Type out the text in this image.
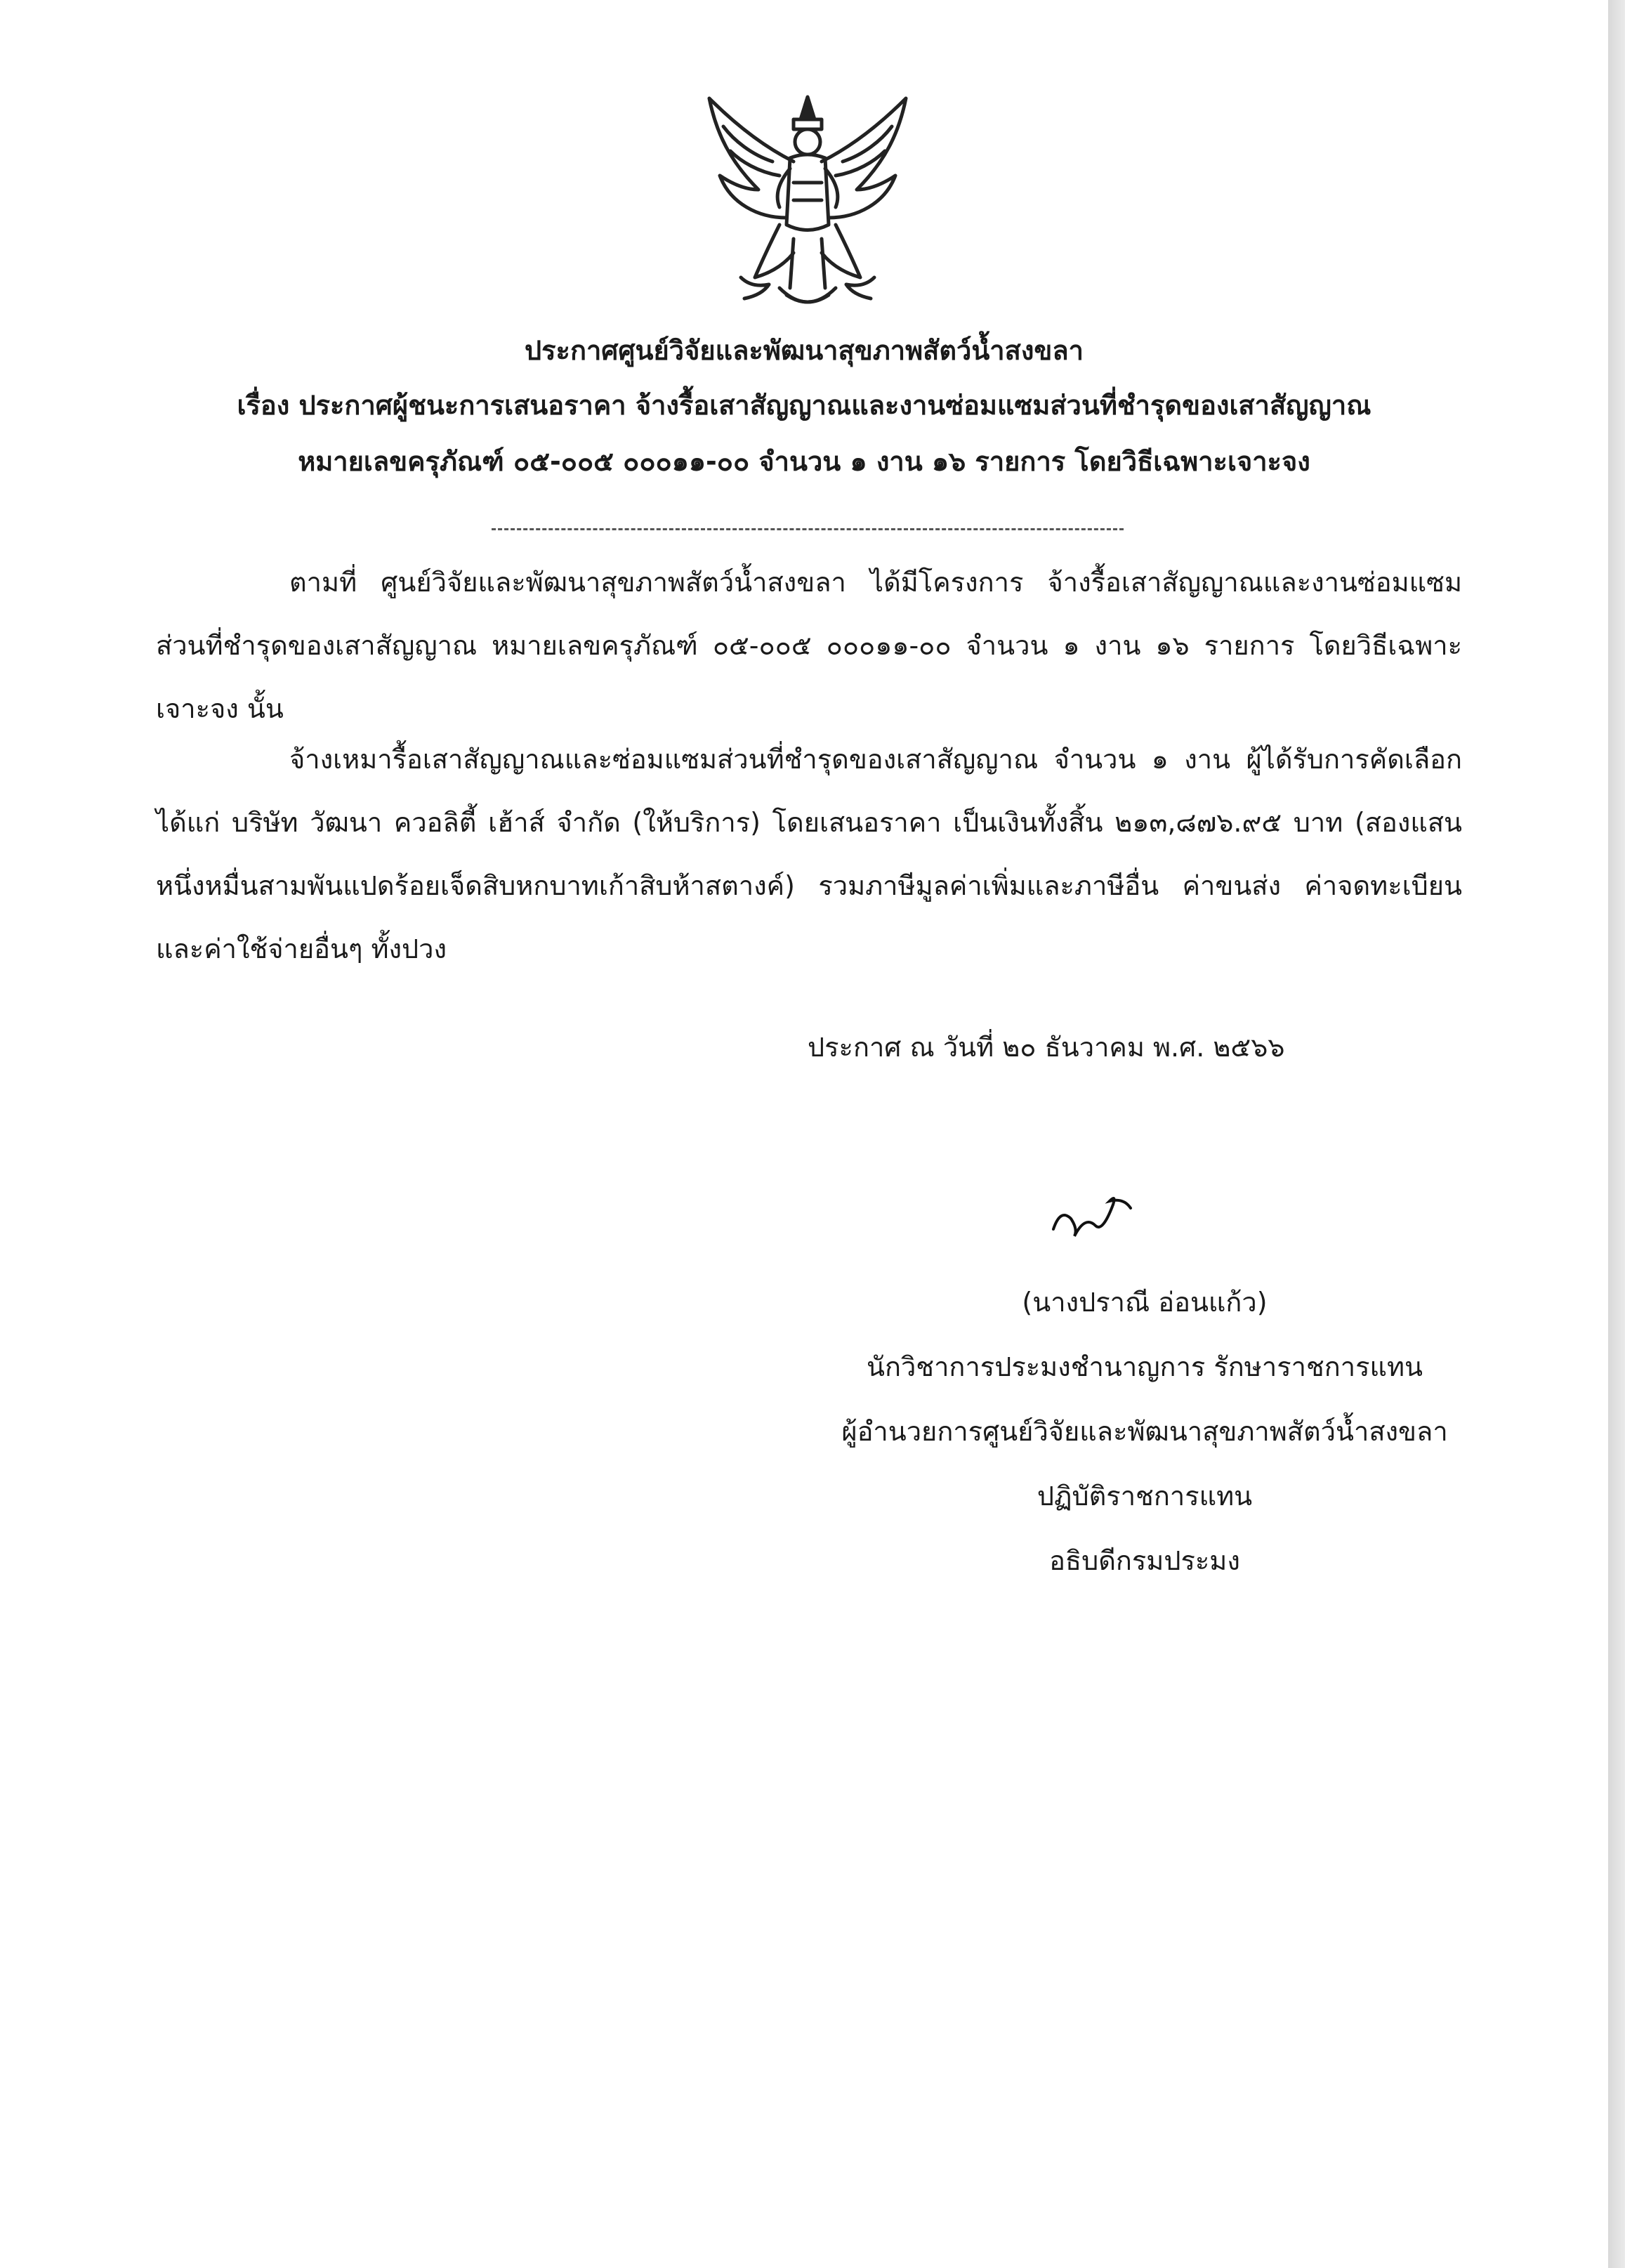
ประกาศศูนย์วิจัยและพัฒนาสุขภาพสัตว์น้ำสงขลา
เรื่อง ประกาศผู้ชนะการเสนอราคา จ้างรื้อเสาสัญญาณและงานซ่อมแซมส่วนที่ชำรุดของเสาสัญญาณ
หมายเลขครุภัณฑ์ ๐๕-๐๐๕ ๐๐๐๑๑-๐๐ จำนวน ๑ งาน ๑๖ รายการ โดยวิธีเฉพาะเจาะจง
ตามที่ ศูนย์วิจัยและพัฒนาสุขภาพสัตว์น้ำสงขลา ได้มีโครงการ จ้างรื้อเสาสัญญาณและงานซ่อมแซมส่วนที่ชำรุดของเสาสัญญาณ หมายเลขครุภัณฑ์ ๐๕-๐๐๕ ๐๐๐๑๑-๐๐ จำนวน ๑ งาน ๑๖ รายการ โดยวิธีเฉพาะเจาะจง นั้น
จ้างเหมารื้อเสาสัญญาณและซ่อมแซมส่วนที่ชำรุดของเสาสัญญาณ จำนวน ๑ งาน ผู้ได้รับการคัดเลือก ได้แก่ บริษัท วัฒนา ควอลิตี้ เฮ้าส์ จำกัด (ให้บริการ) โดยเสนอราคา เป็นเงินทั้งสิ้น ๒๑๓,๘๗๖.๙๕ บาท (สองแสนหนึ่งหมื่นสามพันแปดร้อยเจ็ดสิบหกบาทเก้าสิบห้าสตางค์) รวมภาษีมูลค่าเพิ่มและภาษีอื่น ค่าขนส่ง ค่าจดทะเบียน และค่าใช้จ่ายอื่นๆ ทั้งปวง
ประกาศ ณ วันที่ ๒๐ ธันวาคม พ.ศ. ๒๕๖๖
(นางปราณี อ่อนแก้ว)
นักวิชาการประมงชำนาญการ รักษาราชการแทน
ผู้อำนวยการศูนย์วิจัยและพัฒนาสุขภาพสัตว์น้ำสงขลา
ปฏิบัติราชการแทน
อธิบดีกรมประมง
